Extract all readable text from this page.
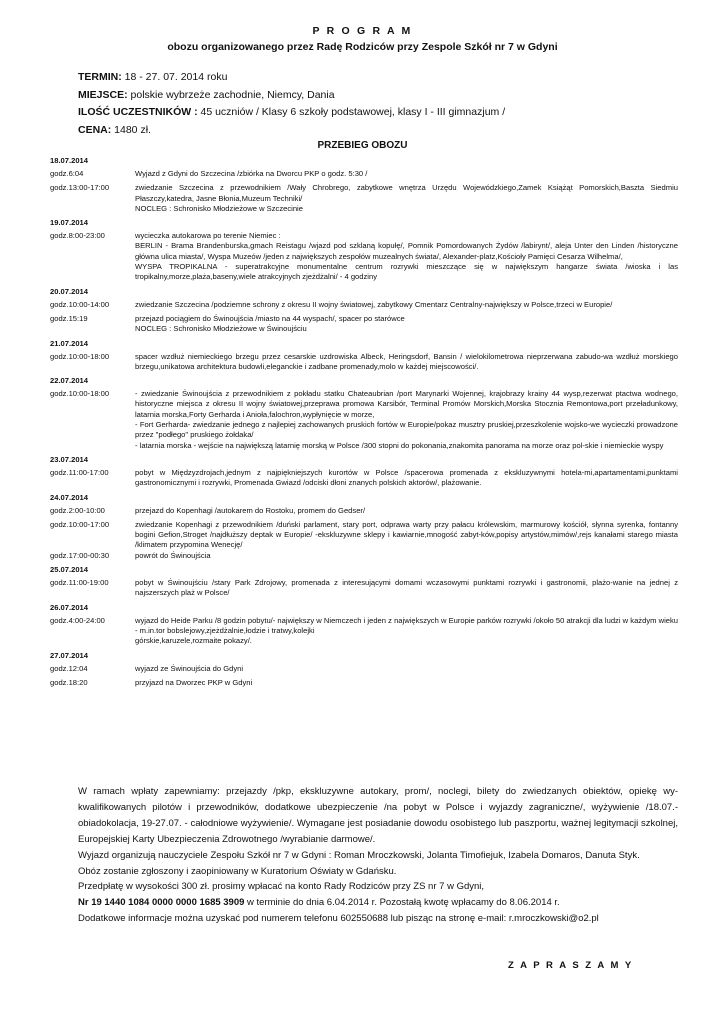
P R O G R A M
obozu organizowanego przez Radę Rodziców przy Zespole Szkół nr 7 w Gdyni
TERMIN: 18 - 27. 07. 2014 roku
MIEJSCE: polskie wybrzeże zachodnie, Niemcy, Dania
ILOŚĆ UCZESTNIKÓW : 45 uczniów / Klasy 6 szkoły podstawowej, klasy I - III gimnazjum /
CENA: 1480 zł.
PRZEBIEG OBOZU
18.07.2014
godz.6:04	Wyjazd z Gdyni do Szczecina /zbiórka na Dworcu PKP o godz. 5:30 /
godz.13:00-17:00	zwiedzanie Szczecina z przewodnikiem /Wały Chrobrego, zabytkowe wnętrza Urzędu Wojewódzkiego,Zamek Książąt Pomorskich,Baszta Siedmiu Płaszczy,katedra, Jasne Błonia,Muzeum Techniki/
NOCLEG : Schronisko Młodzieżowe w Szczecinie
19.07.2014
godz.8:00-23:00	wycieczka autokarowa po terenie Niemiec :
BERLIN - Brama Brandenburska,gmach Reistagu /wjazd pod szklaną kopułę/, Pomnik Pomordowanych Żydów /labirynt/, aleja Unter den Linden /historyczne główna ulica miasta/, Wyspa Muzeów /jeden z największych zespołów muzealnych świata/, Alexander-platz,Kościoły Pamięci Cesarza Wilhelma/,
WYSPA TROPIKALNA - superatrakcyjne monumentalne centrum rozrywki mieszczące się w największym hangarze świata /wioska i las tropikalny,morze,plaża,baseny,wiele atrakcyjnych zjeżdżalni/ - 4 godziny
20.07.2014
godz.10:00-14:00	zwiedzanie Szczecina /podziemne schrony z okresu II wojny światowej, zabytkowy Cmentarz Centralny-największy w Polsce,trzeci w Europie/
godz.15:19	przejazd pociągiem do Świnoujścia /miasto na 44 wyspach/, spacer po starówce
NOCLEG : Schronisko Młodzieżowe w Świnoujściu
21.07.2014
godz.10:00-18:00	spacer wzdłuż niemieckiego brzegu przez cesarskie uzdrowiska Albeck, Heringsdorf, Bansin / wielokilometrowa nieprzerwana zabudo-wa wzdłuż morskiego brzegu,unikatowa architektura budowli,eleganckie i zadbane promenady,molo w każdej miejscowości/.
22.07.2014
godz.10:00-18:00	- zwiedzanie Świnoujścia z przewodnikiem z pokładu statku Chateaubrian /port Marynarki Wojennej, krajobrazy krainy 44 wysp,rezerwat ptactwa wodnego, historyczne miejsca z okresu II wojny światowej,przeprawa promowa Karsibór, Terminal Promów Morskich,Morska Stocznia Remontowa,port przeładunkowy, latarnia morska,Forty Gerharda i Anioła,falochron,wypłynięcie w morze,
- Fort Gerharda- zwiedzanie jednego z najlepiej zachowanych pruskich fortów w Europie/pokaz musztry pruskiej,przeszkolenie wojsko-we wycieczki prowadzone przez "podłego" pruskiego żołdaka/
- latarnia morska - wejście na największą latarnię morską w Polsce /300 stopni do pokonania,znakomita panorama na morze oraz pol-skie i niemieckie wyspy
23.07.2014
godz.11:00-17:00	pobyt w Międzyzdrojach,jednym z najpiękniejszych kurortów w Polsce /spacerowa promenada z ekskluzywnymi hotela-mi,apartamentami,punktami gastronomicznymi i rozrywki, Promenada Gwiazd /odciski dłoni znanych polskich aktorów/, plażowanie.
24.07.2014
godz.2:00-10:00	przejazd do Kopenhagi /autokarem do Rostoku, promem do Gedser/
godz.10:00-17:00	zwiedzanie Kopenhagi z przewodnikiem /duński parlament, stary port, odprawa warty przy pałacu królewskim, marmurowy kościół, słynna syrenka, fontanny bogini Gefion,Stroget /najdłuższy deptak w Europie/ -ekskluzywne sklepy i kawiarnie,mnogość zabyt-ków,popisy artystów,mimów/,rejs kanałami starego miasta /klimatem przypomina Wenecję/
godz.17:00-00:30	powrót do Świnoujścia
25.07.2014
godz.11:00-19:00	pobyt w Świnoujściu /stary Park Zdrojowy, promenada z interesującymi domami wczasowymi punktami rozrywki i gastronomii, plażo-wanie na jednej z najszerszych plaż w Polsce/
26.07.2014
godz.4:00-24:00	wyjazd do Heide Parku /8 godzin pobytu/- największy w Niemczech i jeden z największych w Europie parków rozrywki /około 50 atrakcji dla ludzi w każdym wieku - m.in.tor bobslejowy,zjeżdżalnie,łodzie i tratwy,kolejki
górskie,karuzele,rozmaite pokazy/.
27.07.2014
godz.12:04	wyjazd ze Świnoujścia do Gdyni
godz.18:20	przyjazd na Dworzec PKP w Gdyni

W ramach wpłaty zapewniamy: przejazdy /pkp, ekskluzywne autokary, prom/, noclegi, bilety do zwiedzanych obiektów, opiekę wy-kwalifikowanych pilotów i przewodników, dodatkowe ubezpieczenie /na pobyt w Polsce i wyjazdy zagraniczne/, wyżywienie /18.07.- obiadokolacja, 19-27.07. - całodniowe wyżywienie/. Wymagane jest posiadanie dowodu osobistego lub paszportu, ważnej legitymacji szkolnej, Europejskiej Karty Ubezpieczenia Zdrowotnego /wyrabianie darmowe/.

Wyjazd organizują nauczyciele Zespołu Szkół nr 7 w Gdyni : Roman Mroczkowski, Jolanta Timofiejuk, Izabela Domaros, Danuta Styk.

Obóz zostanie zgłoszony i zaopiniowany w Kuratorium Oświaty w Gdańsku.

Przedpłatę w wysokości 300 zł. prosimy wpłacać na konto Rady Rodziców przy ZS nr 7 w Gdyni,

Nr 19 1440 1084 0000 0000 1685 3909 w terminie do dnia 6.04.2014 r. Pozostałą kwotę wpłacamy do 8.06.2014 r.

Dodatkowe informacje można uzyskać pod numerem telefonu 602550688 lub pisząc na stronę e-mail: r.mroczkowski@o2.pl

Z A P R A S Z A M Y
